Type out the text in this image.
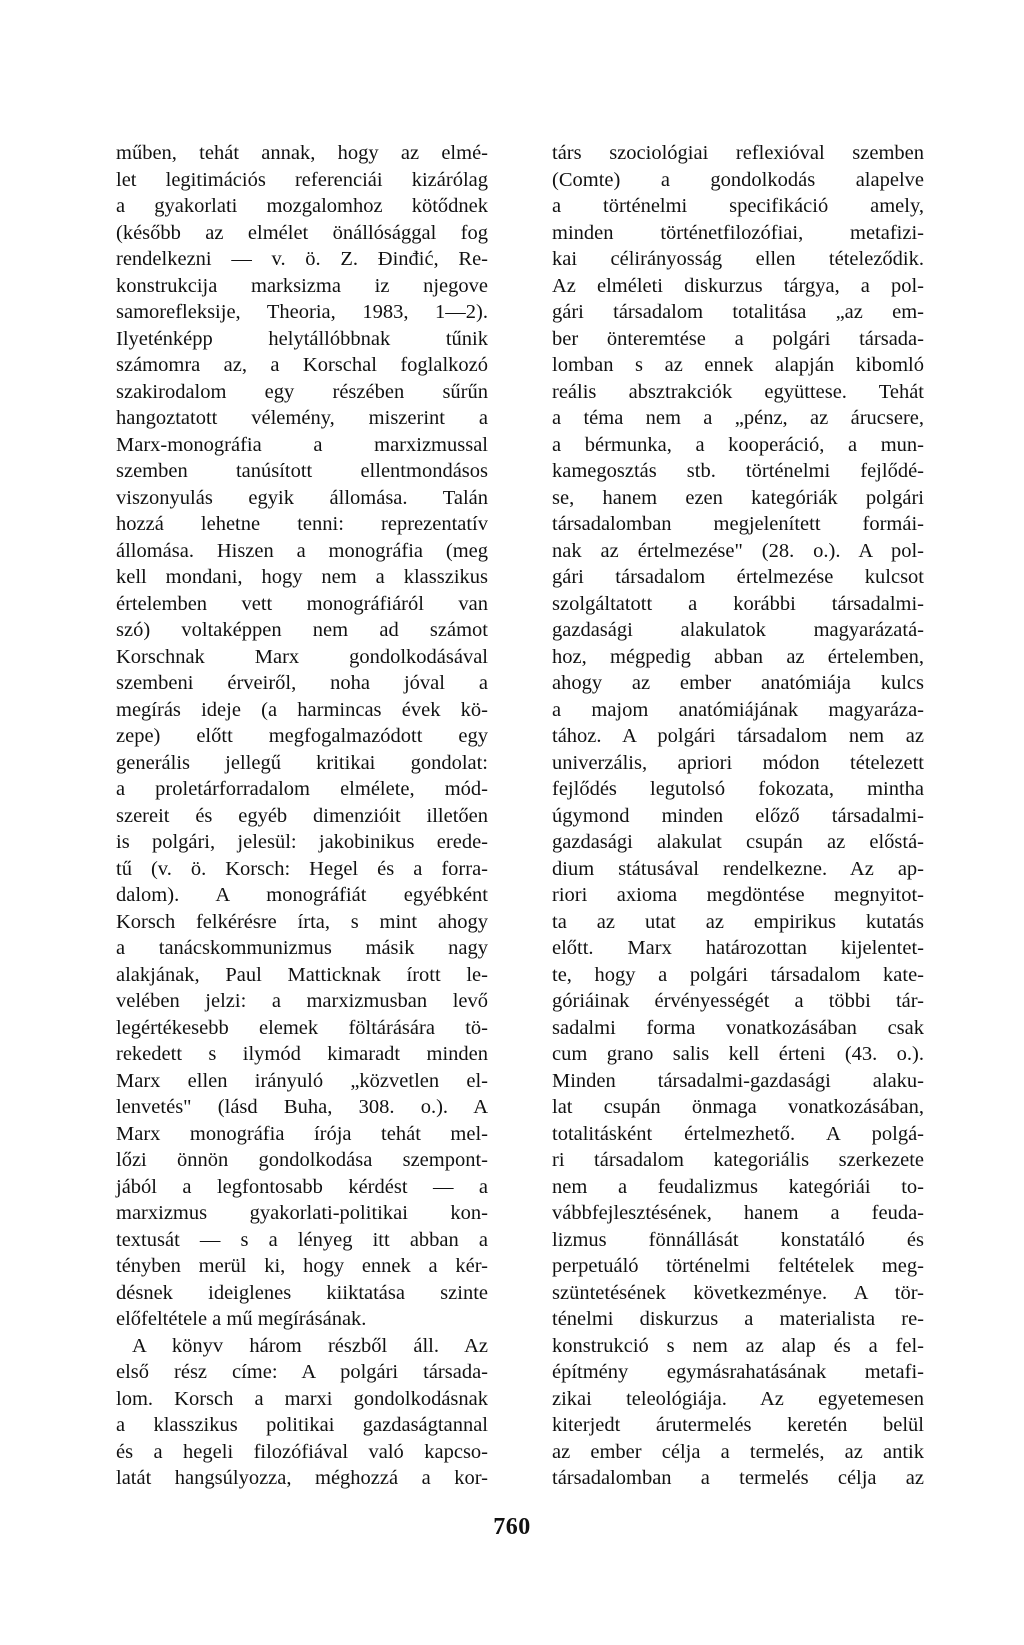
műben, tehát annak, hogy az elmé-
let legitimációs referenciái kizárólag
a gyakorlati mozgalomhoz kötődnek
(később az elmélet önállósággal fog
rendelkezni — v. ö. Z. Đinđić, Re-
konstrukcija marksizma iz njegove
samorefleksije, Theoria, 1983, 1—2).
Ilyeténképp helytállóbbnak tűnik
számomra az, a Korschal foglalkozó
szakirodalom egy részében sűrűn
hangoztatott vélemény, miszerint a
Marx-monográfia a marxizmussal
szemben tanúsított ellentmondásos
viszonyulás egyik állomása. Talán
hozzá lehetne tenni: reprezentatív
állomása. Hiszen a monográfia (meg
kell mondani, hogy nem a klasszikus
értelemben vett monográfiáról van
szó) voltaképpen nem ad számot
Korschnak Marx gondolkodásával
szembeni érveiről, noha jóval a
megírás ideje (a harmincas évek kö-
zepe) előtt megfogalmazódott egy
generális jellegű kritikai gondolat:
a proletárforradalom elmélete, mód-
szereit és egyéb dimenzióit illetően
is polgári, jelesül: jakobinikus erede-
tű (v. ö. Korsch: Hegel és a forra-
dalom). A monográfiát egyébként
Korsch felkérésre írta, s mint ahogy
a tanácskommunizmus másik nagy
alakjának, Paul Matticknak írott le-
velében jelzi: a marxizmusban levő
legértékesebb elemek föltárására tö-
rekedett s ilymód kimaradt minden
Marx ellen irányuló „közvetlen el-
lenvetés" (lásd Buha, 308. o.). A
Marx monográfia írója tehát mel-
lőzi önnön gondolkodása szempont-
jából a legfontosabb kérdést — a
marxizmus gyakorlati-politikai kon-
textusát — s a lényeg itt abban a
tényben merül ki, hogy ennek a kér-
désnek ideiglenes kiiktatása szinte
előfeltétele a mű megírásának.
A könyv három részből áll. Az
első rész címe: A polgári társada-
lom. Korsch a marxi gondolkodásnak
a klasszikus politikai gazdaságtannal
és a hegeli filozófiával való kapcso-
latát hangsúlyozza, méghozzá a kor-
társ szociológiai reflexióval szemben
(Comte) a gondolkodás alapelve
a történelmi specifikáció amely,
minden történetfilozófiai, metafizi-
kai célirányosság ellen tételeződik.
Az elméleti diskurzus tárgya, a pol-
gári társadalom totalitása „az em-
ber önteremtése a polgári társada-
lomban s az ennek alapján kibomló
reális absztrakciók együttese. Tehát
a téma nem a „pénz, az árucsere,
a bérmunka, a kooperáció, a mun-
kamegosztás stb. történelmi fejlődé-
se, hanem ezen kategóriák polgári
társadalomban megjelenített formái-
nak az értelmezése" (28. o.). A pol-
gári társadalom értelmezése kulcsot
szolgáltatott a korábbi társadalmi-
gazdasági alakulatok magyarázatá-
hoz, mégpedig abban az értelemben,
ahogy az ember anatómiája kulcs
a majom anatómiájának magyaráza-
tához. A polgári társadalom nem az
univerzális, apriori módon tételezett
fejlődés legutolsó fokozata, mintha
úgymond minden előző társadalmi-
gazdasági alakulat csupán az előstá-
dium státusával rendelkezne. Az ap-
riori axioma megdöntése megnyitot-
ta az utat az empirikus kutatás
előtt. Marx határozottan kijelentet-
te, hogy a polgári társadalom kate-
góriáinak érvényességét a többi tár-
sadalmi forma vonatkozásában csak
cum grano salis kell érteni (43. o.).
Minden társadalmi-gazdasági alaku-
lat csupán önmaga vonatkozásában,
totalitásként értelmezhető. A polgá-
ri társadalom kategoriális szerkezete
nem a feudalizmus kategóriái to-
vábbfejlesztésének, hanem a feuda-
lizmus fönnállását konstatáló és
perpetuáló történelmi feltételek meg-
szüntetésének következménye. A tör-
ténelmi diskurzus a materialista re-
konstrukció s nem az alap és a fel-
építmény egymásrahatásának metafi-
zikai teleológiája. Az egyetemesen
kiterjedt árutermelés keretén belül
az ember célja a termelés, az antik
társadalomban a termelés célja az
760
